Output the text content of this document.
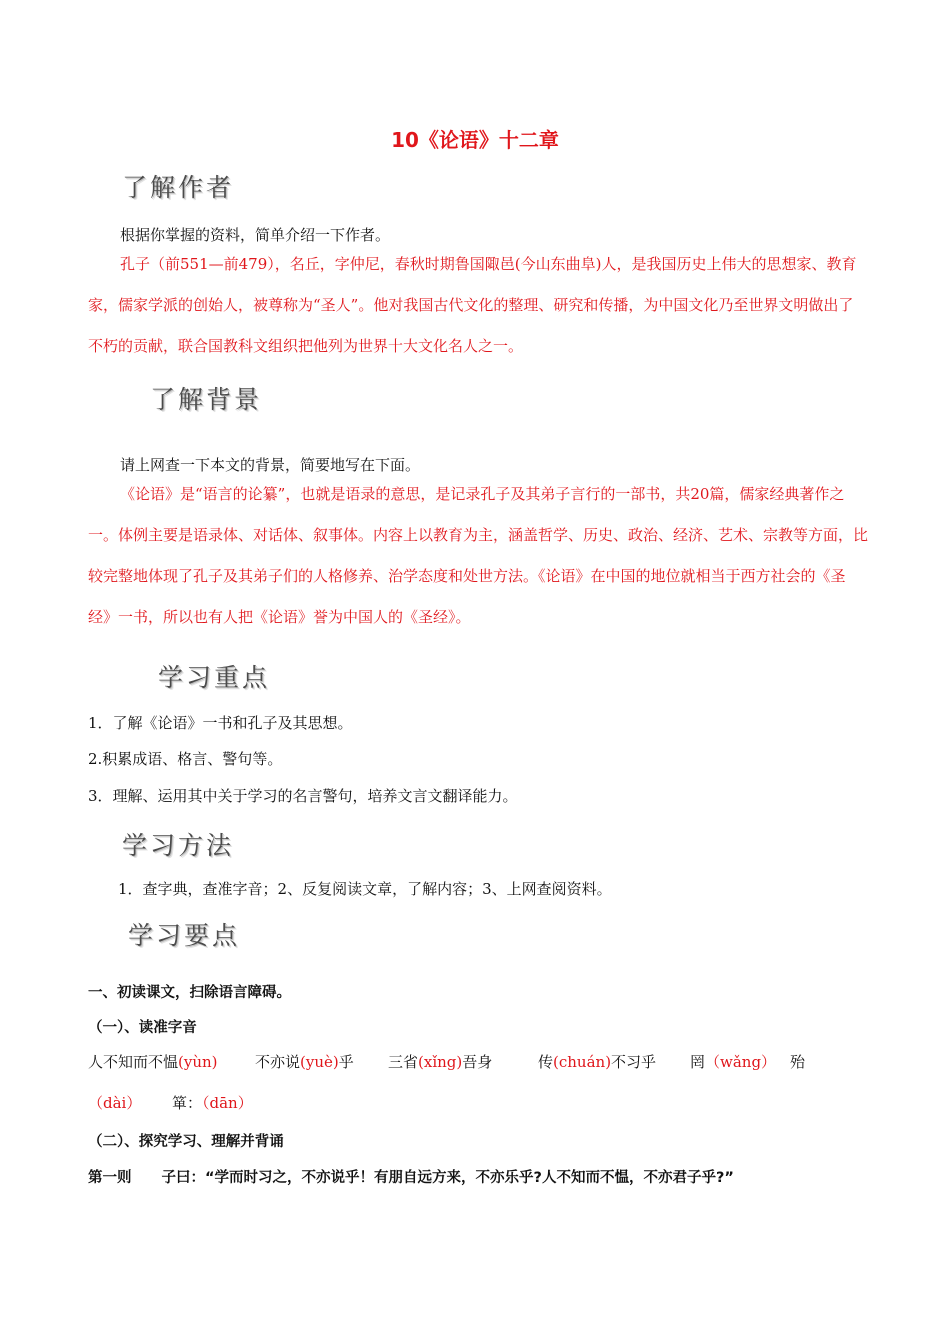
10《论语》十二章
了解作者
根据你掌握的资料，简单介绍一下作者。
孔子（前551—前479），名丘，字仲尼，春秋时期鲁国陬邑(今山东曲阜)人，是我国历史上伟大的思想家、教育家，儒家学派的创始人，被尊称为“圣人”。他对我国古代文化的整理、研究和传播，为中国文化乃至世界文明做出了不朽的贡献，联合国教科文组织把他列为世界十大文化名人之一。
了解背景
请上网查一下本文的背景，简要地写在下面。
《论语》是“语言的论纂”，也就是语录的意思，是记录孔子及其弟子言行的一部书，共20篇，儒家经典著作之一。体例主要是语录体、对话体、叙事体。内容上以教育为主，涵盖哲学、历史、政治、经济、艺术、宗教等方面，比较完整地体现了孔子及其弟子们的人格修养、治学态度和处世方法。《论语》在中国的地位就相当于西方社会的《圣经》一书，所以也有人把《论语》誉为中国人的《圣经》。
学习重点
1．了解《论语》一书和孔子及其思想。
2.积累成语、格言、警句等。
3．理解、运用其中关于学习的名言警句，培养文言文翻译能力。
学习方法
1．查字典，查准字音；2、反复阅读文章，了解内容；3、上网查阅资料。
学习要点
一、初读课文，扫除语言障碍。
（一）、读准字音
人不知而不愠(yùn) 不亦说(yuè)乎 三省(xǐng)吾身	传(chuán)不习乎 罔（wǎng） 殆
（dài） 箪：（dān）
（二）、探究学习、理解并背诵
第一则 子曰：“学而时习之，不亦说乎！有朋自远方来，不亦乐乎?人不知而不愠，不亦君子乎?”
